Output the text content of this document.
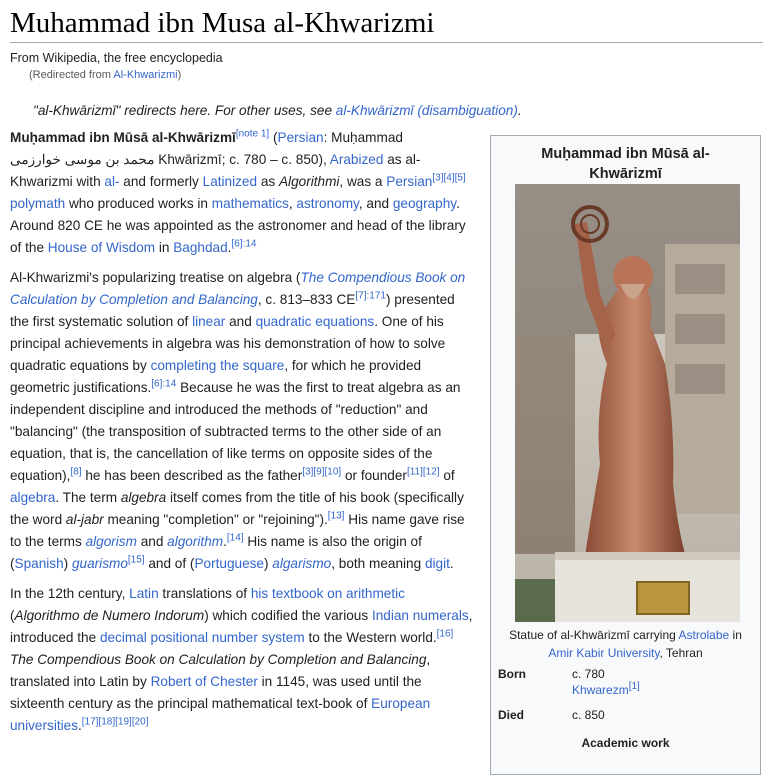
Muhammad ibn Musa al-Khwarizmi
From Wikipedia, the free encyclopedia
(Redirected from Al-Khwarizmi)
"al-Khwārizmī" redirects here. For other uses, see al-Khwārizmī (disambiguation).

Muḥammad ibn Mūsā al-Khwārizmī[note 1] (Persian: Muḥammad
محمد بن موسى خوارزمی Khwārizmī; c. 780 – c. 850), Arabized as al-Khwarizmi with al- and formerly Latinized as Algorithmi, was a Persian[3][4][5] polymath who produced works in mathematics, astronomy, and geography. Around 820 CE he was appointed as the astronomer and head of the library of the House of Wisdom in Baghdad.$^{[6]:14}$

Al-Khwarizmi's popularizing treatise on algebra (The Compendious Book on Calculation by Completion and Balancing, c. 813–833 $CE^{[7]:171}$) presented the first systematic solution of linear and quadratic equations. One of his principal achievements in algebra was his demonstration of how to solve quadratic equations by completing the square, for which he provided geometric justifications.$^{[6]:14}$ Because he was the first to treat algebra as an independent discipline and introduced the methods of "reduction" and "balancing" (the transposition of subtracted terms to the other side of an equation, that is, the cancellation of like terms on opposite sides of the equation),[8] he has been described as the father[3][9][10] or founder[11][12] of algebra. The term algebra itself comes from the title of his book (specifically the word al-jabr meaning "completion" or "rejoining").[13] His name gave rise to the terms algorism and algorithm.[14] His name is also the origin of (Spanish) guarismo[15] and of (Portuguese) algarismo, both meaning digit.

In the 12th century, Latin translations of his textbook on arithmetic (Algorithmo de Numero Indorum) which codified the various Indian numerals, introduced the decimal positional number system to the Western world.[16] The Compendious Book on Calculation by Completion and Balancing, translated into Latin by Robert of Chester in 1145, was used until the sixteenth century as the principal mathematical text-book of European universities.[17][18][19][20]

Muḥammad ibn Mūsā al-Khwārizmī
Statue of al-Khwārizmī carrying Astrolabe in
Amir Kabir University, Tehran
Born	c. 780
Khwarezm[1]
Died	c. 850
Academic work
